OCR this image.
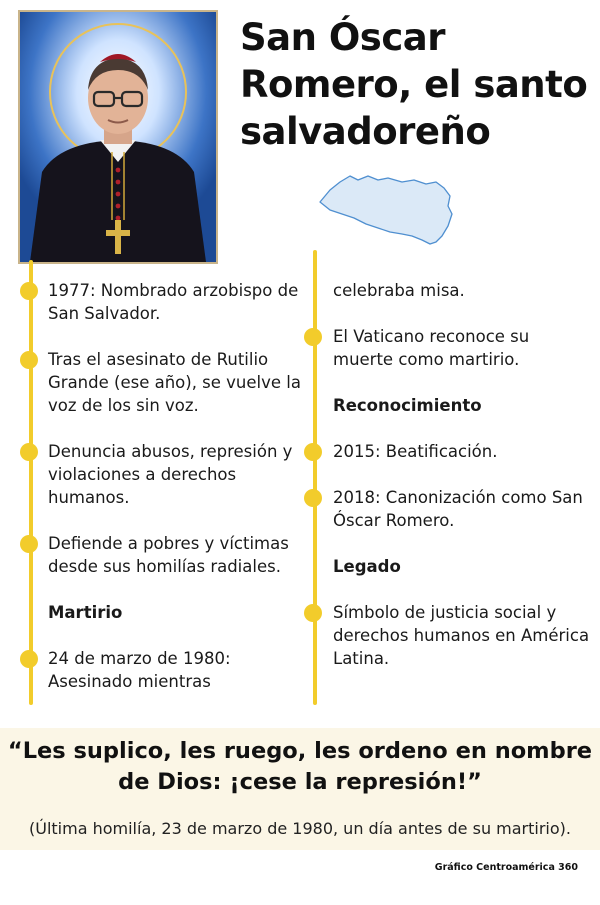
San Óscar
Romero, el santo
salvadoreño

1977: Nombrado arzobispo de San Salvador.

Tras el asesinato de Rutilio Grande (ese año), se vuelve la voz de los sin voz.

Denuncia abusos, represión y violaciones a derechos humanos.

Defiende a pobres y víctimas desde sus homilías radiales.

Martirio

24 de marzo de 1980: Asesinado mientras

celebraba misa.

El Vaticano reconoce su muerte como martirio.

Reconocimiento

2015: Beatificación.

2018: Canonización como San Óscar Romero.

Legado

Símbolo de justicia social y derechos humanos en América Latina.

“Les suplico, les ruego, les ordeno en nombre
de Dios: ¡cese la represión!”

(Última homilía, 23 de marzo de 1980, un día antes de su martirio).

Gráfico Centroamérica 360
